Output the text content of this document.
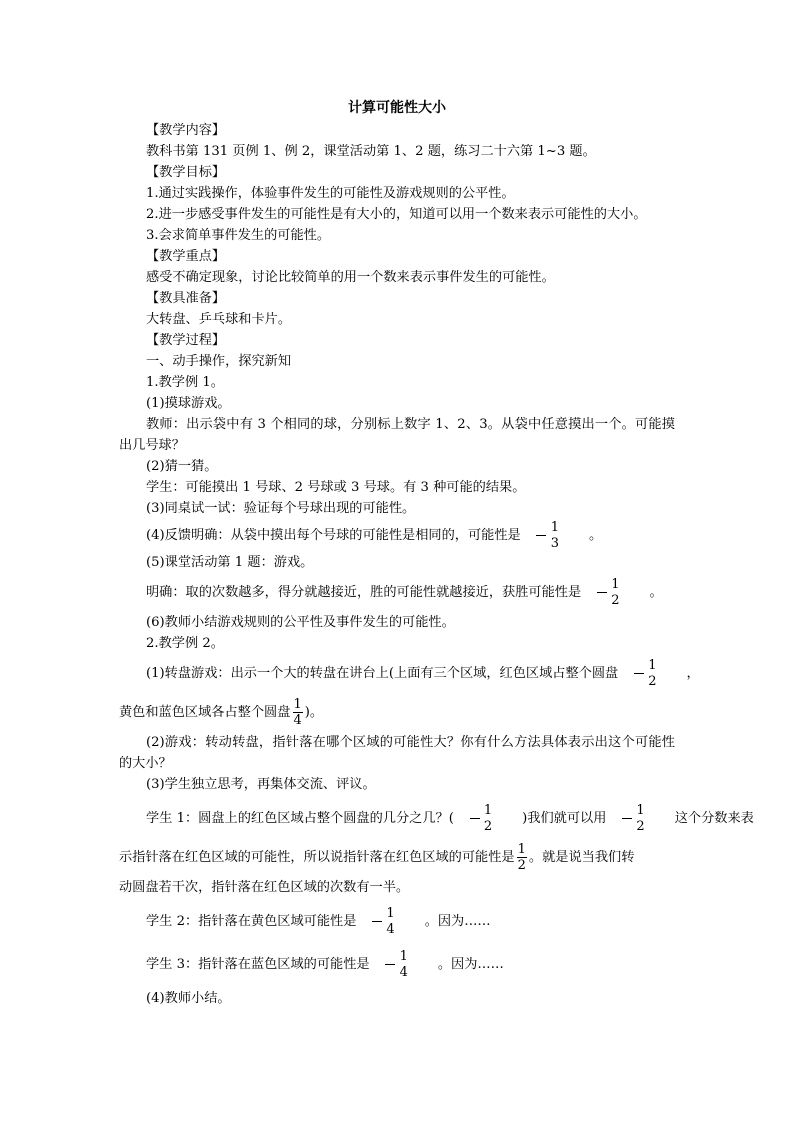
计算可能性大小

【教学内容】

教科书第 131 页例 1、例 2，课堂活动第 1、2 题，练习二十六第 1~3 题。

【教学目标】

1.通过实践操作，体验事件发生的可能性及游戏规则的公平性。

2.进一步感受事件发生的可能性是有大小的，知道可以用一个数来表示可能性的大小。

3.会求简单事件发生的可能性。

【教学重点】

感受不确定现象，讨论比较简单的用一个数来表示事件发生的可能性。

【教具准备】

大转盘、乒乓球和卡片。

【教学过程】

一、动手操作，探究新知

1.教学例 1。

(1)摸球游戏。

教师：出示袋中有 3 个相同的球，分别标上数字 1、2、3。从袋中任意摸出一个。可能摸出几号球？

(2)猜一猜。

学生：可能摸出 1 号球、2 号球或 3 号球。有 3 种可能的结果。

(3)同桌试一试：验证每个号球出现的可能性。

(4)反馈明确：从袋中摸出每个号球的可能性是相同的，可能性是 $\frac{1}{3}$	。

(5)课堂活动第 1 题：游戏。

明确：取的次数越多，得分就越接近，胜的可能性就越接近，获胜可能性是 $\frac{1}{2}$	。

(6)教师小结游戏规则的公平性及事件发生的可能性。

2.教学例 2。

(1)转盘游戏：出示一个大的转盘在讲台上(上面有三个区域，红色区域占整个圆盘 $\frac{1}{2}$	，
黄色和蓝色区域各占整个圆盘 $\frac{1}{4}$ )。

(2)游戏：转动转盘，指针落在哪个区域的可能性大？你有什么方法具体表示出这个可能性的大小？

(3)学生独立思考，再集体交流、评议。

学生 1：圆盘上的红色区域占整个圆盘的几分之几？( $\frac{1}{2}$	)我们就可以用 $\frac{1}{2}$	这个分数来表
示指针落在红色区域的可能性，所以说指针落在红色区域的可能性是 $\frac{1}{2}$ 。就是说当我们转

动圆盘若干次，指针落在红色区域的次数有一半。

学生 2：指针落在黄色区域可能性是 $\frac{1}{4}$	。因为……
学生 3：指针落在蓝色区域的可能性是 $\frac{1}{4}$	。因为……

(4)教师小结。
